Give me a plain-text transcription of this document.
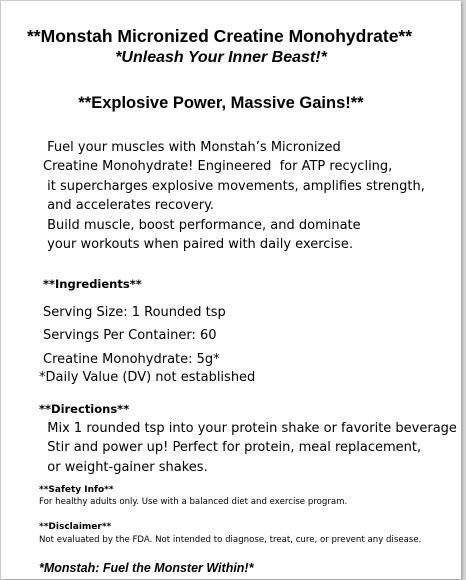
**Monstah Micronized Creatine Monohydrate**

*Unleash Your Inner Beast!*

**Explosive Power, Massive Gains!**

Fuel your muscles with Monstah’s Micronized
Creatine Monohydrate! Engineered  for ATP recycling,
it supercharges explosive movements, amplifies strength,
and accelerates recovery.
Build muscle, boost performance, and dominate
your workouts when paired with daily exercise.

**Ingredients**

Serving Size: 1 Rounded tsp
Servings Per Container: 60
Creatine Monohydrate: 5g*

*Daily Value (DV) not established

**Directions**

Mix 1 rounded tsp into your protein shake or favorite beverage
Stir and power up! Perfect for protein, meal replacement,
or weight-gainer shakes.

**Safety Info**

For healthy adults only. Use with a balanced diet and exercise program.

**Disclaimer**

Not evaluated by the FDA. Not intended to diagnose, treat, cure, or prevent any disease.

*Monstah: Fuel the Monster Within!*
